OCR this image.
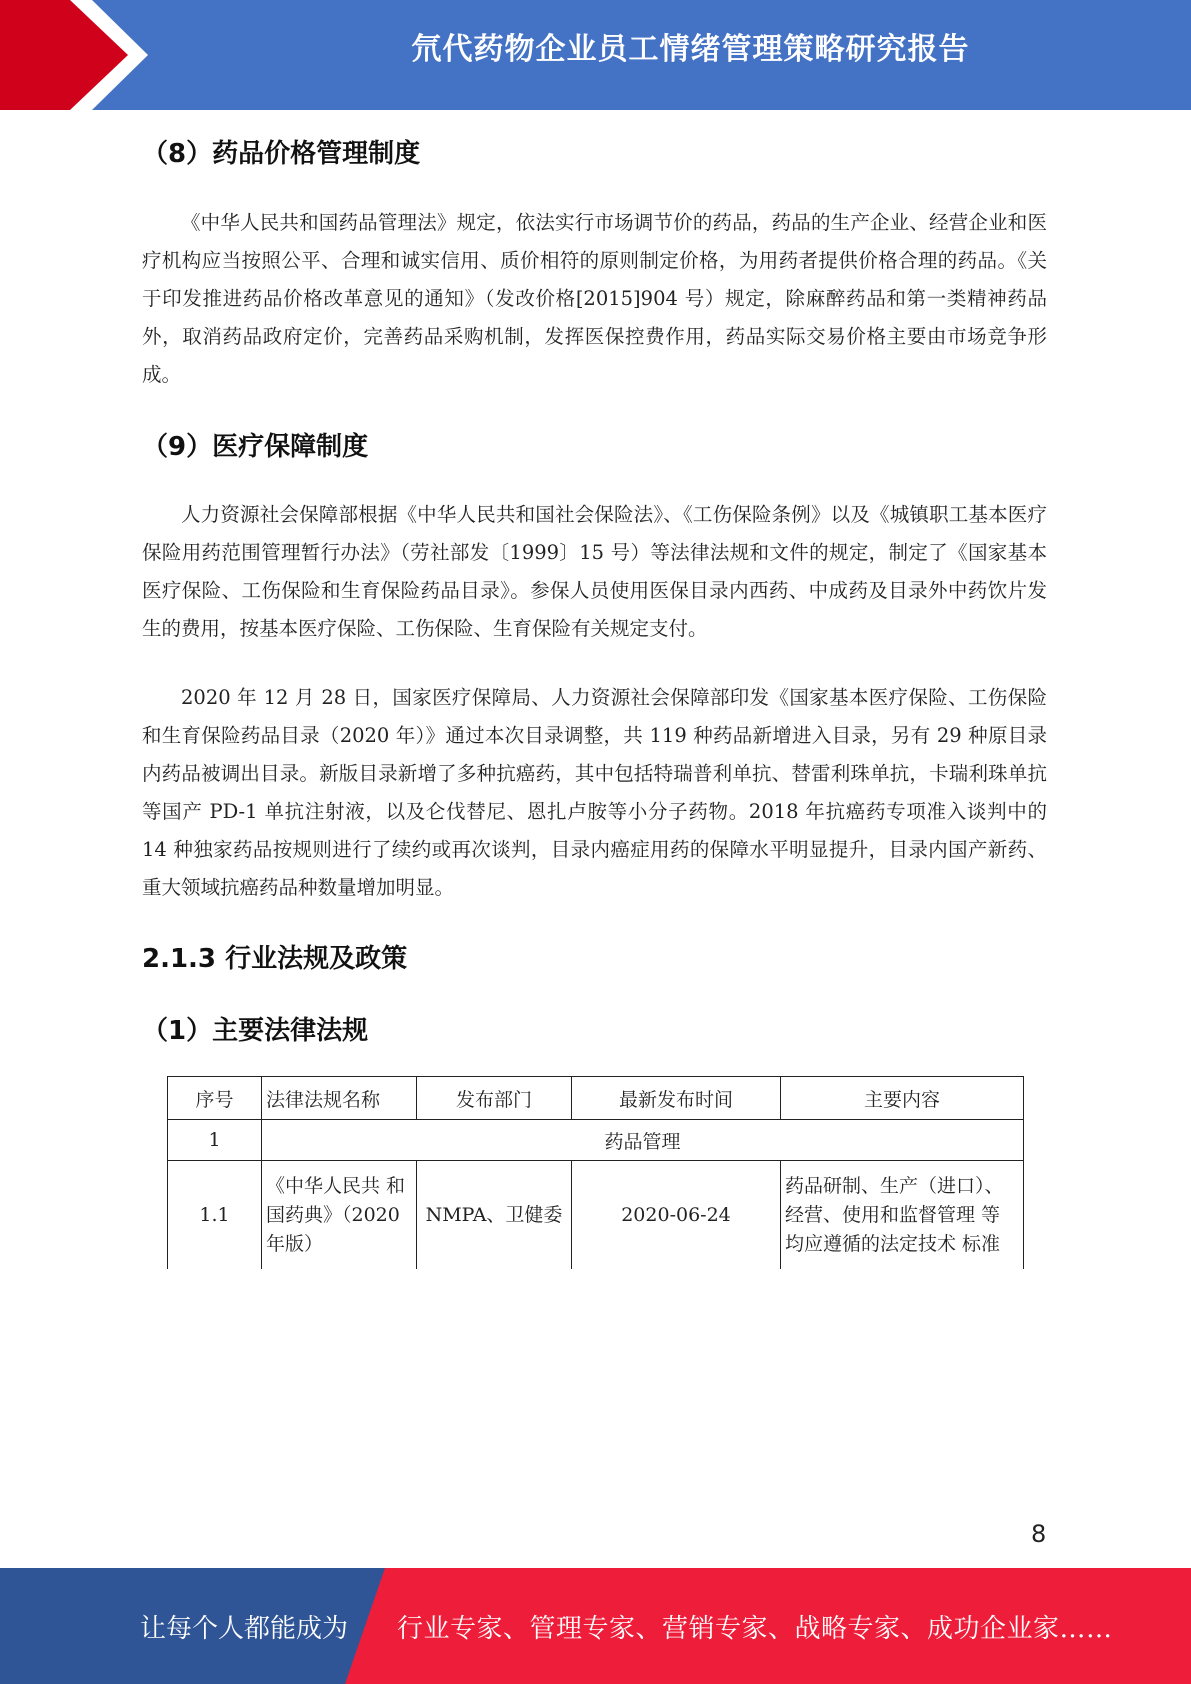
氘代药物企业员工情绪管理策略研究报告
（8）药品价格管理制度

《中华人民共和国药品管理法》规定，依法实行市场调节价的药品，药品的生产企业、经营企业和医疗机构应当按照公平、合理和诚实信用、质价相符的原则制定价格，为用药者提供价格合理的药品。《关于印发推进药品价格改革意见的通知》（发改价格[2015]904 号）规定，除麻醉药品和第一类精神药品外，取消药品政府定价，完善药品采购机制，发挥医保控费作用，药品实际交易价格主要由市场竞争形成。

（9）医疗保障制度

人力资源社会保障部根据《中华人民共和国社会保险法》、《工伤保险条例》以及《城镇职工基本医疗保险用药范围管理暂行办法》（劳社部发〔1999〕15 号）等法律法规和文件的规定，制定了《国家基本医疗保险、工伤保险和生育保险药品目录》。参保人员使用医保目录内西药、中成药及目录外中药饮片发生的费用，按基本医疗保险、工伤保险、生育保险有关规定支付。

2020 年 12 月 28 日，国家医疗保障局、人力资源社会保障部印发《国家基本医疗保险、工伤保险和生育保险药品目录（2020 年）》通过本次目录调整，共 119 种药品新增进入目录，另有 29 种原目录内药品被调出目录。新版目录新增了多种抗癌药，其中包括特瑞普利单抗、替雷利珠单抗，卡瑞利珠单抗等国产 PD-1 单抗注射液，以及仑伐替尼、恩扎卢胺等小分子药物。2018 年抗癌药专项准入谈判中的 14 种独家药品按规则进行了续约或再次谈判，目录内癌症用药的保障水平明显提升，目录内国产新药、重大领域抗癌药品种数量增加明显。

2.1.3 行业法规及政策
（1）主要法律法规
序号	法律法规名称	发布部门	最新发布时间	主要内容
1	药品管理			
1.1	《中华人民共 和国药典》（2020 年版）	NMPA、卫健委	2020-06-24	药品研制、生产（进口）、经营、使用和监督管理 等均应遵循的法定技术 标准
8
让每个人都能成为 行业专家、管理专家、营销专家、战略专家、成功企业家……
